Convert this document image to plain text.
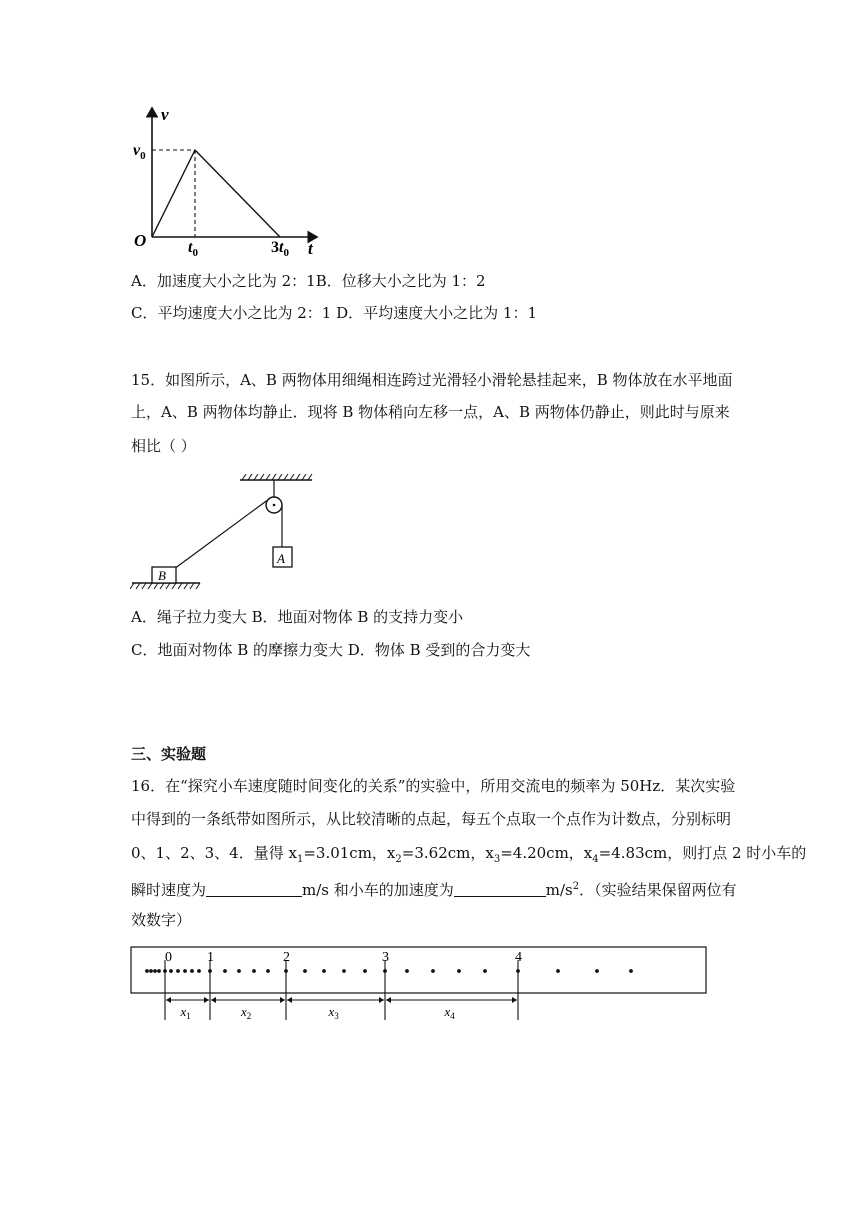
v
t
O
$v_0$
$t_0$	$3t_0$
A．加速度大小之比为 2：1B．位移大小之比为 1：2
C．平均速度大小之比为 2：1 D．平均速度大小之比为 1：1
15．如图所示，A、B 两物体用细绳相连跨过光滑轻小滑轮悬挂起来，B 物体放在水平地面
上，A、B 两物体均静止．现将 B 物体稍向左移一点，A、B 两物体仍静止，则此时与原来
相比（ ）
A
B
A．绳子拉力变大 B．地面对物体 B 的支持力变小
C．地面对物体 B 的摩擦力变大 D．物体 B 受到的合力变大
三、实验题
16．在“探究小车速度随时间变化的关系”的实验中，所用交流电的频率为 50Hz．某次实验
中得到的一条纸带如图所示，从比较清晰的点起，每五个点取一个点作为计数点，分别标明
0、1、2、3、4．量得 $x_1=3.01cm$，$x_2=3.62cm$，$x_3=4.20cm$，$x_4=4.83cm$，则打点 2 时小车的
瞬时速度为	m/s 和小车的加速度为	$m/s^2$．（实验结果保留两位有
效数字）
0	1	2	3	4
$x_1$	$x_2$	$x_3$	$x_4$
